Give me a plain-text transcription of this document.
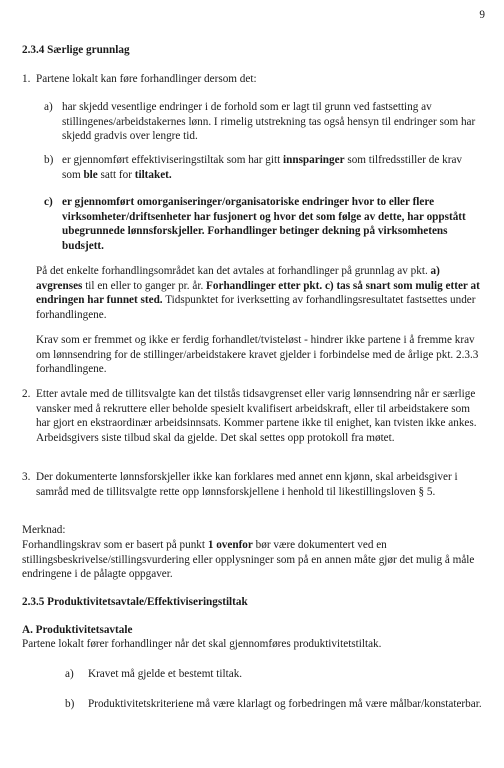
9
2.3.4 Særlige grunnlag
1. Partene lokalt kan føre forhandlinger dersom det:
a) har skjedd vesentlige endringer i de forhold som er lagt til grunn ved fastsetting av stillingenes/arbeidstakernes lønn. I rimelig utstrekning tas også hensyn til endringer som har skjedd gradvis over lengre tid.
b) er gjennomført effektiviseringstiltak som har gitt innsparinger som tilfredsstiller de krav som ble satt for tiltaket.
c) er gjennomført omorganiseringer/organisatoriske endringer hvor to eller flere virksomheter/driftsenheter har fusjonert og hvor det som følge av dette, har oppstått ubegrunnede lønnsforskjeller. Forhandlinger betinger dekning på virksomhetens budsjett.
På det enkelte forhandlingsområdet kan det avtales at forhandlinger på grunnlag av pkt. a) avgrenses til en eller to ganger pr. år. Forhandlinger etter pkt. c) tas så snart som mulig etter at endringen har funnet sted. Tidspunktet for iverksetting av forhandlingsresultatet fastsettes under forhandlingene.
Krav som er fremmet og ikke er ferdig forhandlet/tvisteløst - hindrer ikke partene i å fremme krav om lønnsendring for de stillinger/arbeidstakere kravet gjelder i forbindelse med de årlige pkt. 2.3.3 forhandlingene.
2. Etter avtale med de tillitsvalgte kan det tilstås tidsavgrenset eller varig lønnsendring når er særlige vansker med å rekruttere eller beholde spesielt kvalifisert arbeidskraft, eller til arbeidstakere som har gjort en ekstraordinær arbeidsinnsats. Kommer partene ikke til enighet, kan tvisten ikke ankes. Arbeidsgivers siste tilbud skal da gjelde. Det skal settes opp protokoll fra møtet.
3. Der dokumenterte lønnsforskjeller ikke kan forklares med annet enn kjønn, skal arbeidsgiver i samråd med de tillitsvalgte rette opp lønnsforskjellene i henhold til likestillingsloven § 5.
Merknad:
Forhandlingskrav som er basert på punkt 1 ovenfor bør være dokumentert ved en stillingsbeskrivelse/stillingsvurdering eller opplysninger som på en annen måte gjør det mulig å måle endringene i de pålagte oppgaver.
2.3.5 Produktivitetsavtale/Effektiviseringstiltak
A. Produktivitetsavtale
Partene lokalt fører forhandlinger når det skal gjennomføres produktivitetstiltak.
a) Kravet må gjelde et bestemt tiltak.
b) Produktivitetskriteriene må være klarlagt og forbedringen må være målbar/konstaterbar.
